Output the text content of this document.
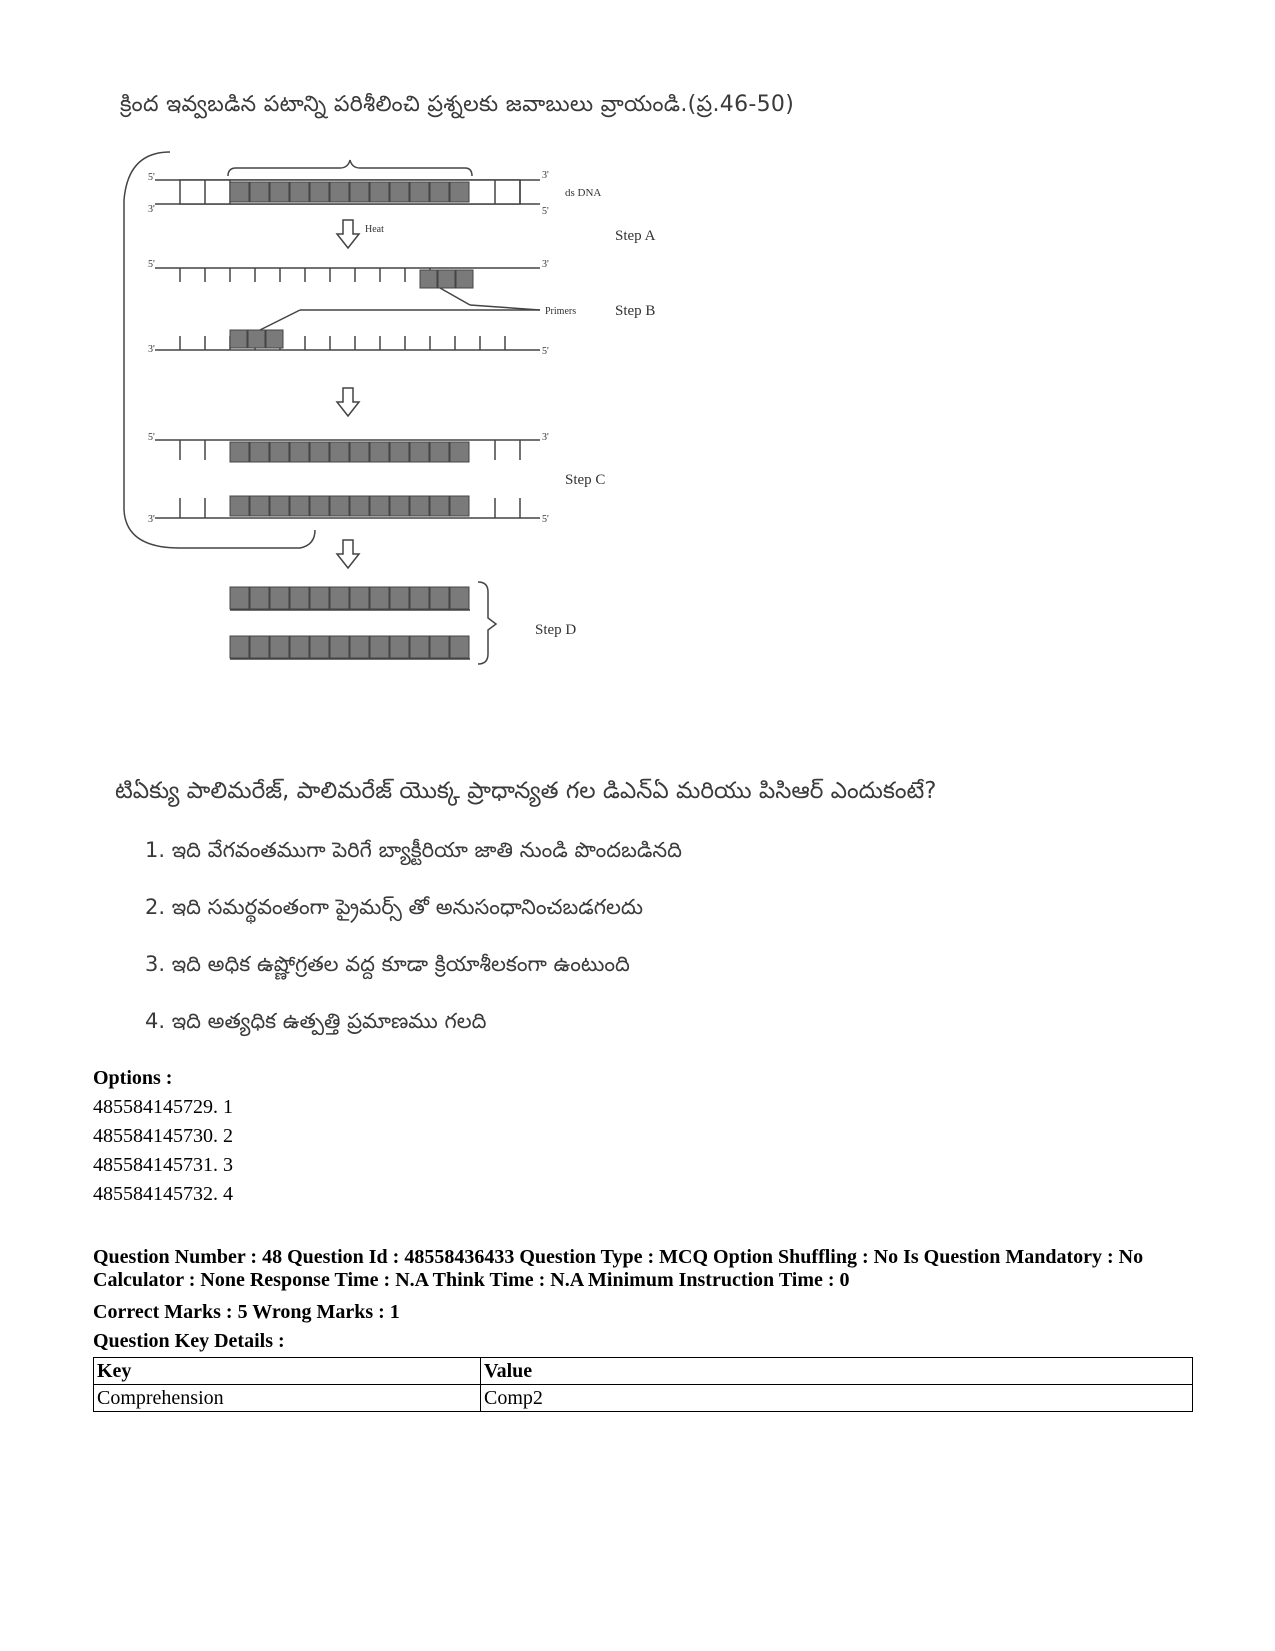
క్రింద ఇవ్వబడిన పటాన్ని పరిశీలించి ప్రశ్నలకు జవాబులు వ్రాయండి.(ప్ర.46-50)
5'
3'
3'
5'
ds DNA
Heat	Step A
5'	3'
3'	5'
Primers	Step B
5'	3'
3'	5'
Step C
Step D
టిఏక్యు పాలిమరేజ్, పాలిమరేజ్ యొక్క ప్రాధాన్యత గల డిఎన్ఏ మరియు పిసిఆర్ ఎందుకంటే?
1. ఇది వేగవంతముగా పెరిగే బ్యాక్టీరియా జాతి నుండి పొందబడినది
2. ఇది సమర్థవంతంగా ప్రైమర్స్ తో అనుసంధానించబడగలదు
3. ఇది అధిక ఉష్ణోగ్రతల వద్ద కూడా క్రియాశీలకంగా ఉంటుంది
4. ఇది అత్యధిక ఉత్పత్తి ప్రమాణము గలది
Options :
485584145729. 1
485584145730. 2
485584145731. 3
485584145732. 4
Question Number : 48 Question Id : 48558436433 Question Type : MCQ Option Shuffling : No Is Question Mandatory : No Calculator : None Response Time : N.A Think Time : N.A Minimum Instruction Time : 0
Correct Marks : 5 Wrong Marks : 1
Question Key Details :
Key	Value
Comprehension	Comp2
